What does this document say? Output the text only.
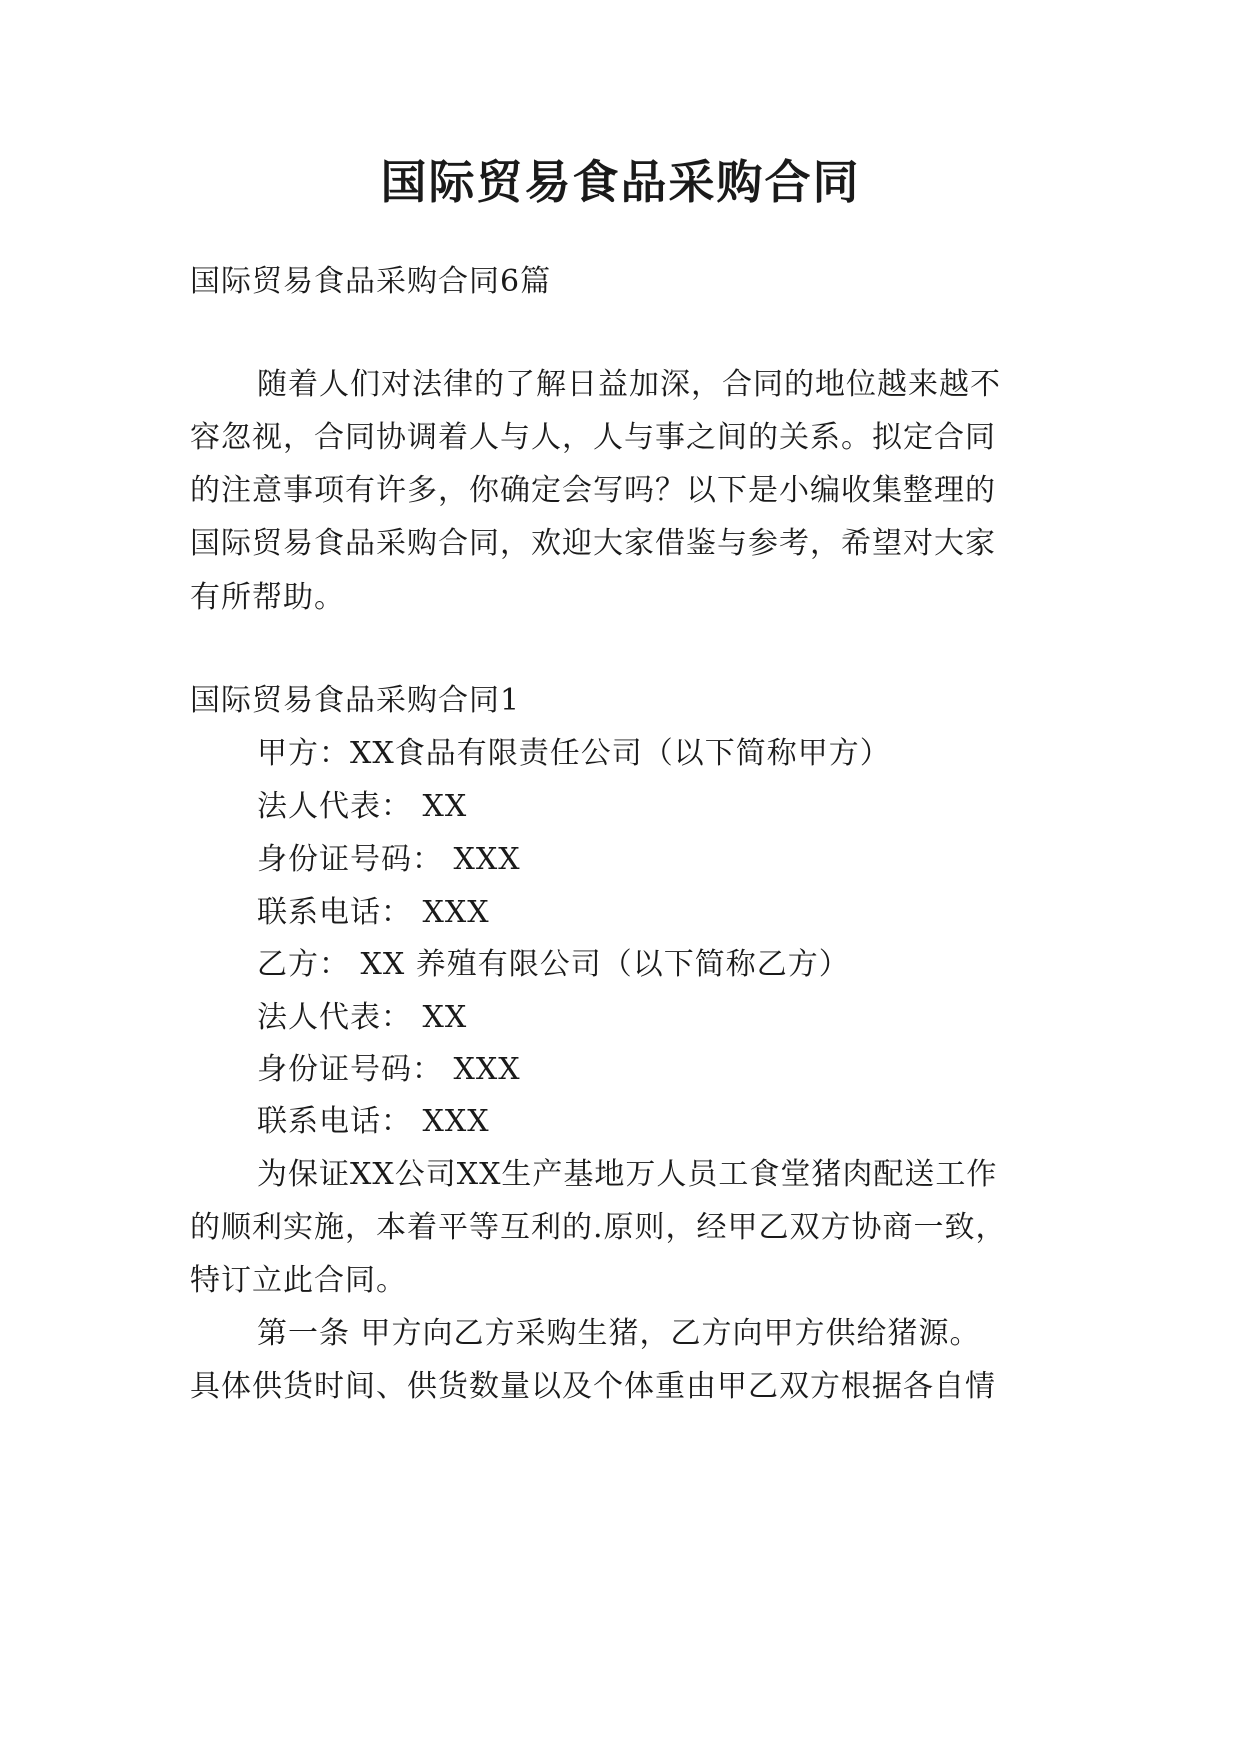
国际贸易食品采购合同
国际贸易食品采购合同6篇
随着人们对法律的了解日益加深，合同的地位越来越不
容忽视，合同协调着人与人，人与事之间的关系。拟定合同
的注意事项有许多，你确定会写吗？以下是小编收集整理的
国际贸易食品采购合同，欢迎大家借鉴与参考，希望对大家
有所帮助。
国际贸易食品采购合同1
甲方：XX食品有限责任公司（以下简称甲方）
法人代表： XX
身份证号码： XXX
联系电话： XXX
乙方： XX 养殖有限公司（以下简称乙方）
法人代表： XX
身份证号码： XXX
联系电话： XXX
为保证XX公司XX生产基地万人员工食堂猪肉配送工作
的顺利实施，本着平等互利的.原则，经甲乙双方协商一致，
特订立此合同。
第一条 甲方向乙方采购生猪，乙方向甲方供给猪源。
具体供货时间、供货数量以及个体重由甲乙双方根据各自情
